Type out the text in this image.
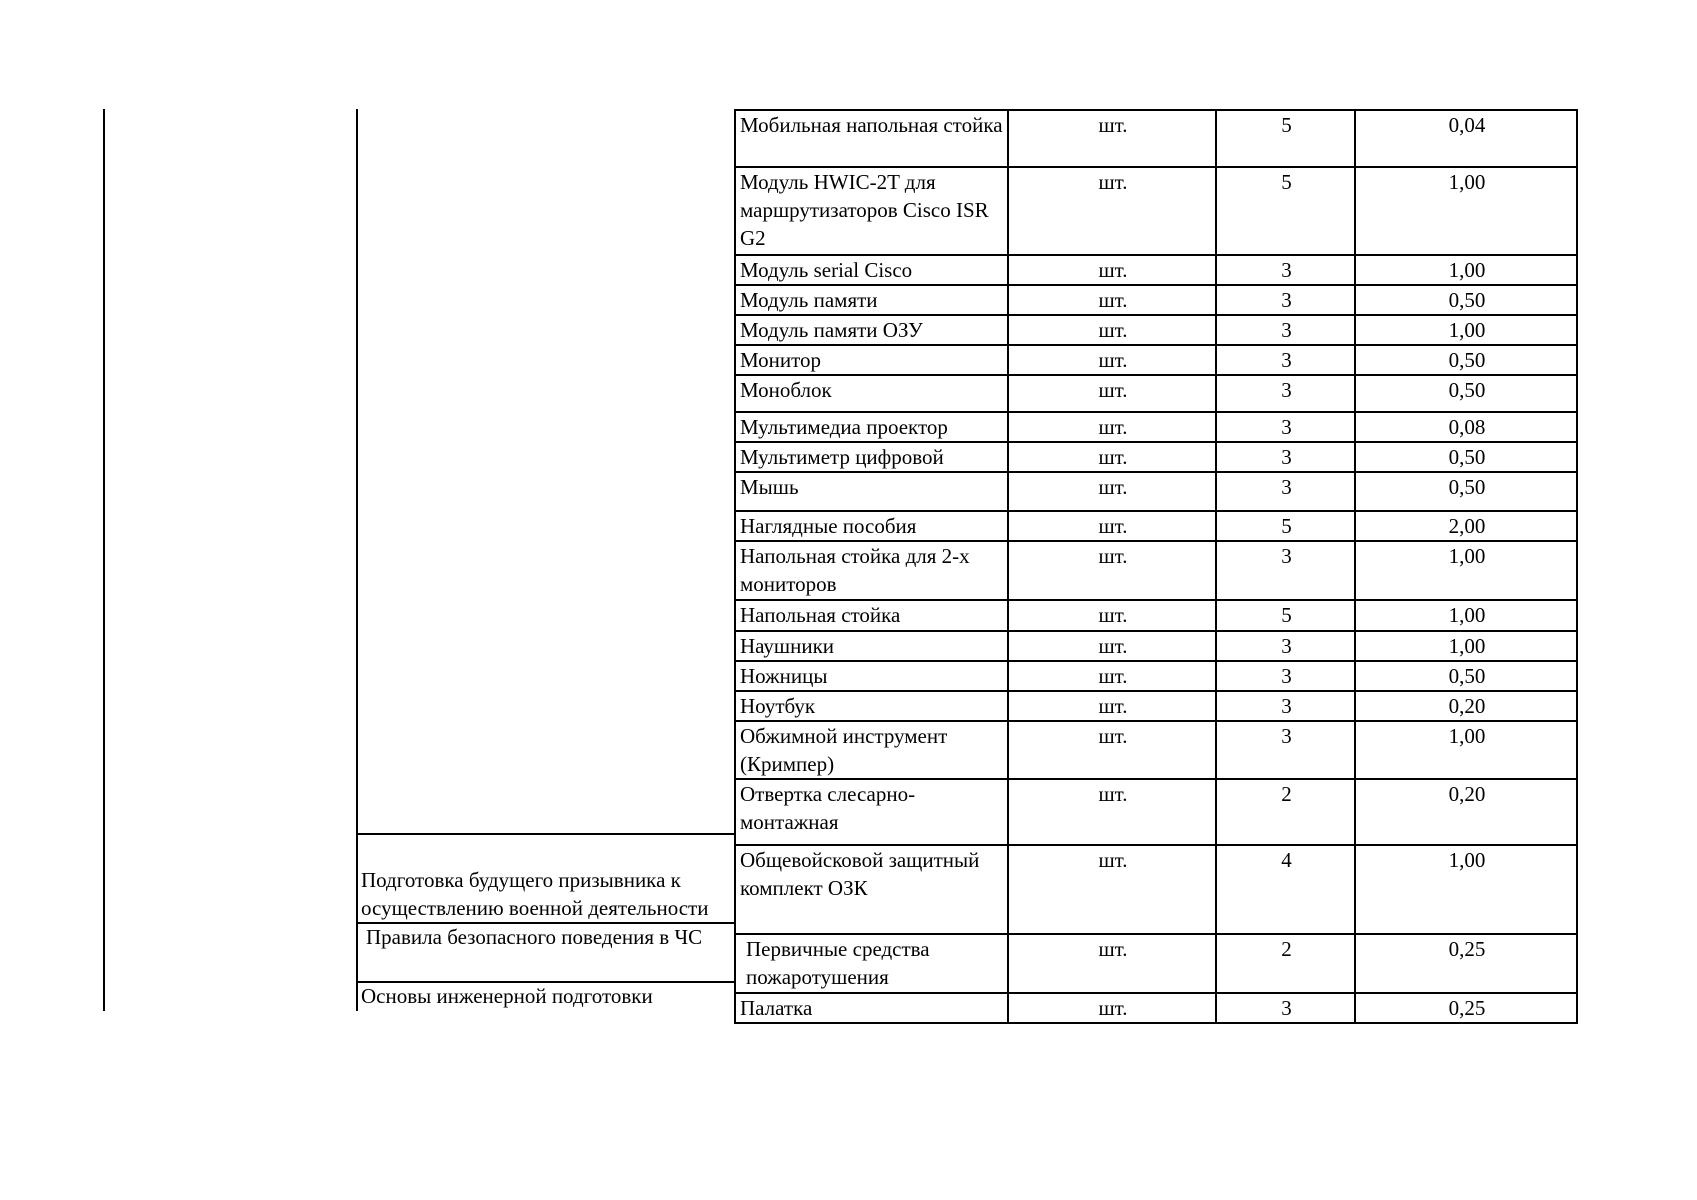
Подготовка будущего призывника к осуществлению военной деятельности
Правила безопасного поведения в ЧС
Основы инженерной подготовки
Мобильная напольная стойка	шт.	5	0,04
Модуль HWIC-2T для маршрутизаторов Cisco ISR G2	шт.	5	1,00
Модуль serial Cisco	шт.	3	1,00
Модуль памяти	шт.	3	0,50
Модуль памяти ОЗУ	шт.	3	1,00
Монитор	шт.	3	0,50
Моноблок	шт.	3	0,50
Мультимедиа проектор	шт.	3	0,08
Мультиметр цифровой	шт.	3	0,50
Мышь	шт.	3	0,50
Наглядные пособия	шт.	5	2,00
Напольная стойка для 2-х мониторов	шт.	3	1,00
Напольная стойка	шт.	5	1,00
Наушники	шт.	3	1,00
Ножницы	шт.	3	0,50
Ноутбук	шт.	3	0,20
Обжимной инструмент (Кримпер)	шт.	3	1,00
Отвертка слесарно-монтажная	шт.	2	0,20
Общевойсковой защитный комплект ОЗК	шт.	4	1,00
Первичные средства пожаротушения	шт.	2	0,25
Палатка	шт.	3	0,25
